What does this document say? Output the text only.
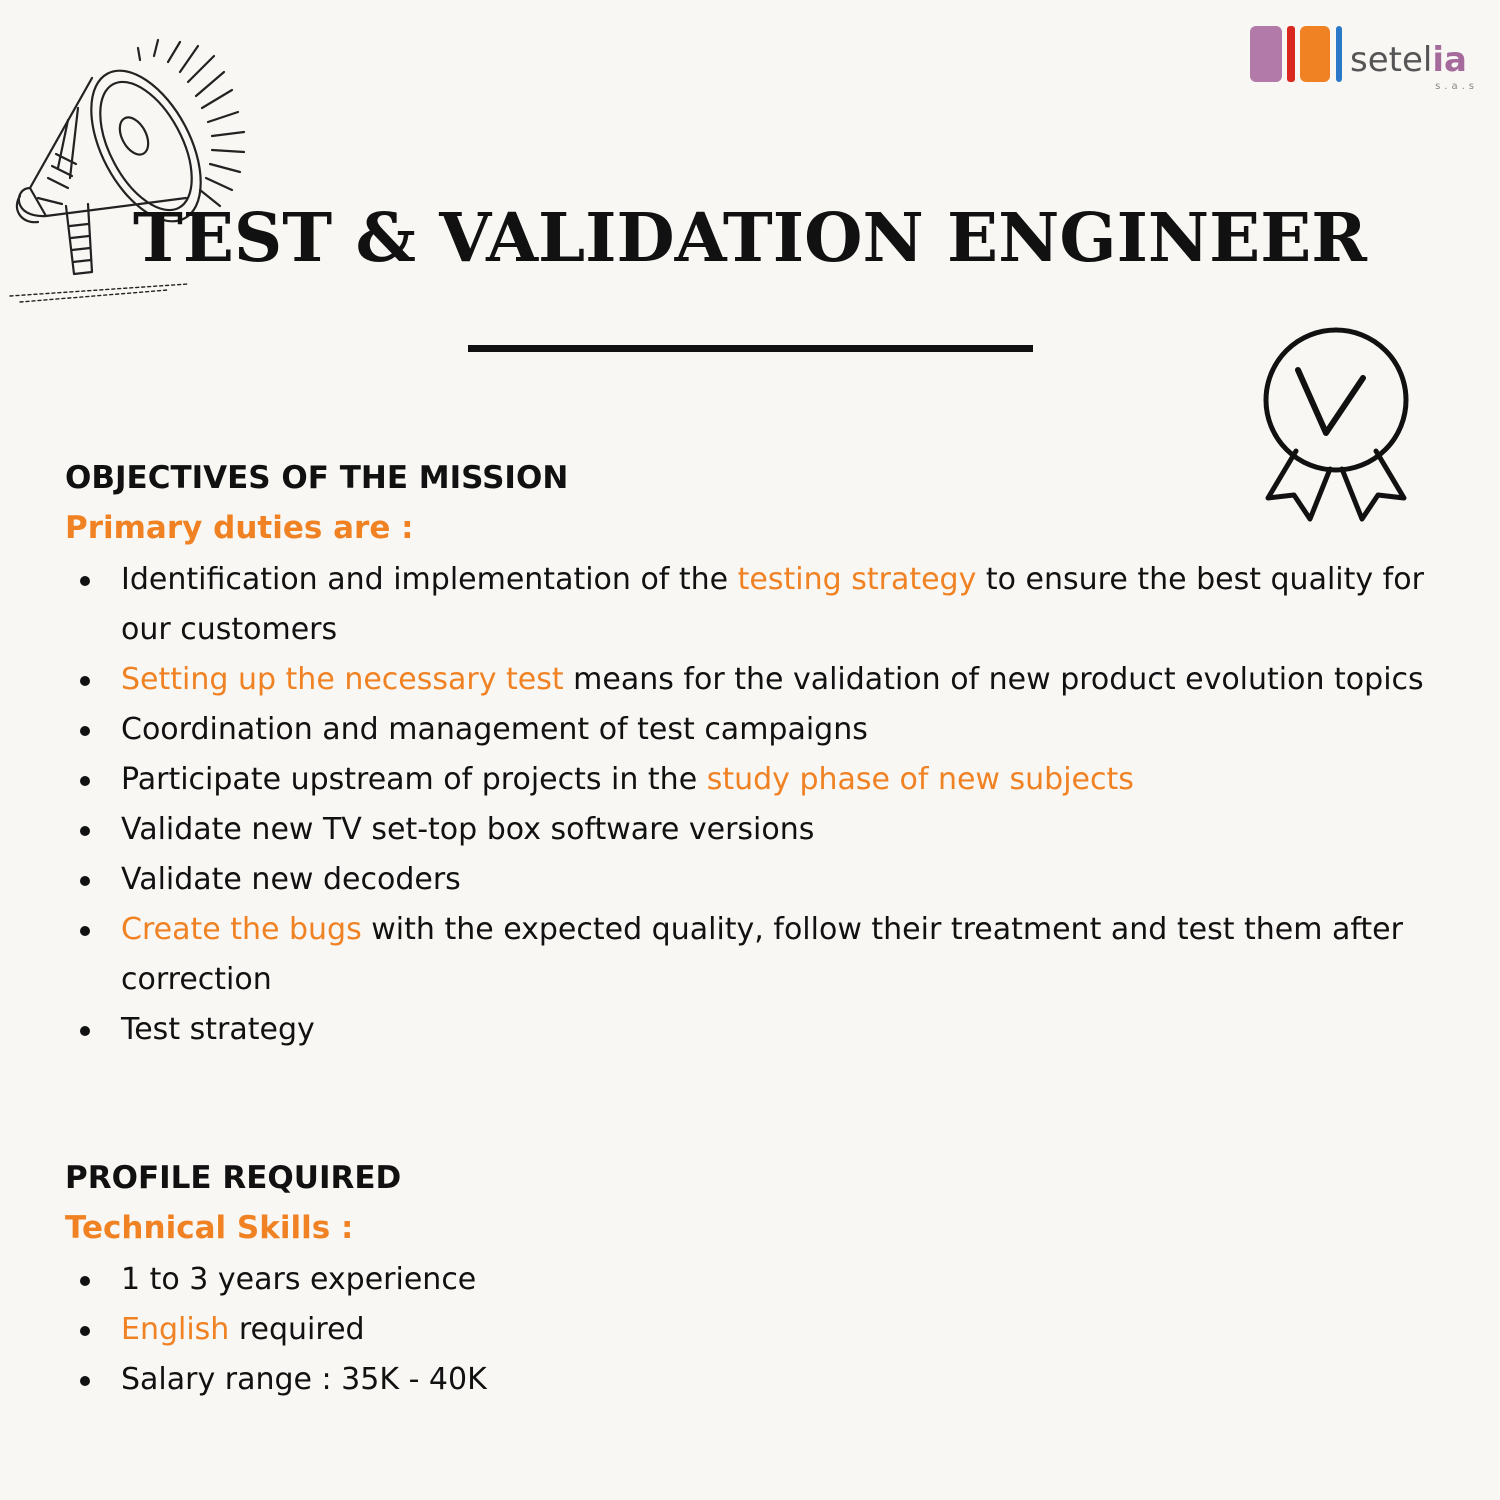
setelia
s.a.s
TEST & VALIDATION ENGINEER
OBJECTIVES OF THE MISSION
Primary duties are :
Identification and implementation of the testing strategy to ensure the best quality for our customers
Setting up the necessary test means for the validation of new product evolution topics
Coordination and management of test campaigns
Participate upstream of projects in the study phase of new subjects
Validate new TV set-top box software versions
Validate new decoders
Create the bugs with the expected quality, follow their treatment and test them after correction
Test strategy
PROFILE REQUIRED
Technical Skills :
1 to 3 years experience
English required
Salary range : 35K - 40K
